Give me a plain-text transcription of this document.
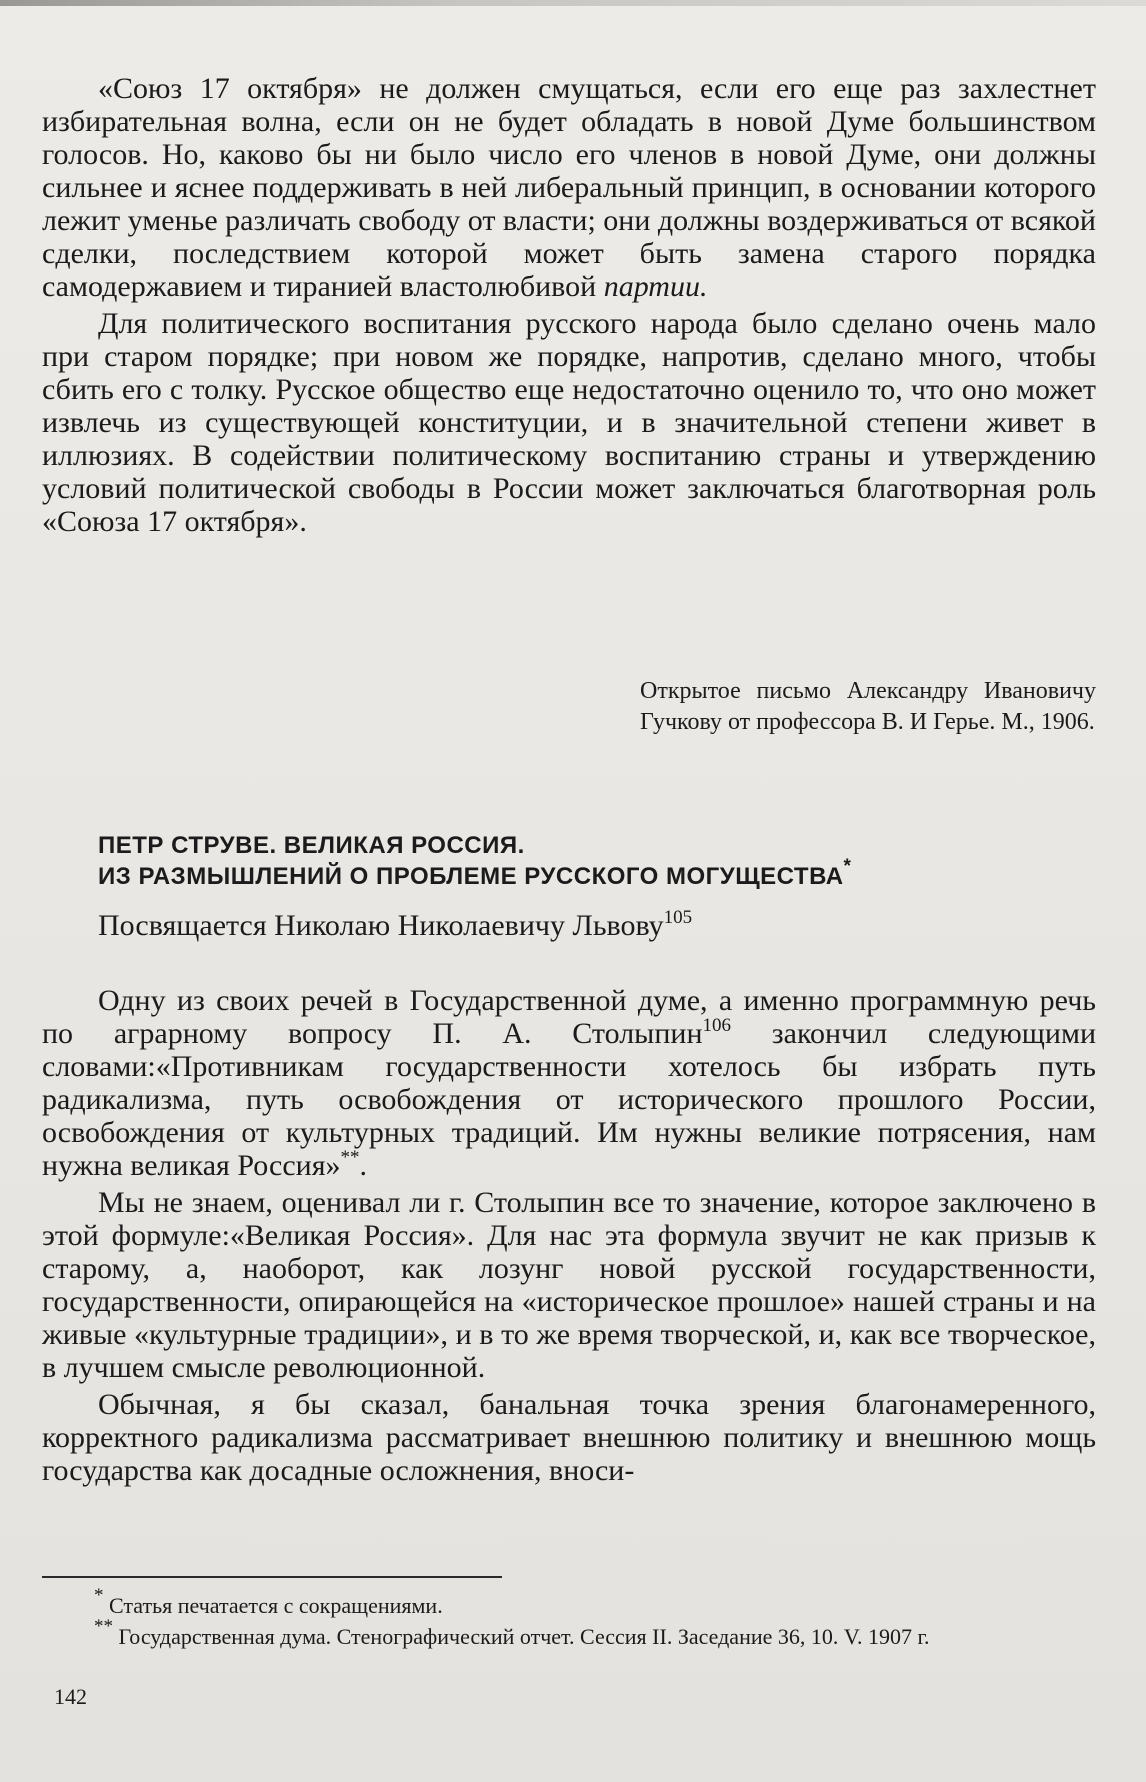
«Союз 17 октября» не должен смущаться, если его еще раз захлестнет избирательная волна, если он не будет обладать в новой Думе большинством голосов. Но, каково бы ни было число его членов в новой Думе, они должны сильнее и яснее поддерживать в ней либеральный принцип, в основании которого лежит уменье различать свободу от власти; они должны воздерживаться от всякой сделки, последствием которой может быть замена старого порядка самодержавием и тиранией властолюбивой партии.

Для политического воспитания русского народа было сделано очень мало при старом порядке; при новом же порядке, напротив, сделано много, чтобы сбить его с толку. Русское общество еще недостаточно оценило то, что оно может извлечь из существующей конституции, и в значительной степени живет в иллюзиях. В содействии политическому воспитанию страны и утверждению условий политической свободы в России может заключаться благотворная роль «Союза 17 октября».

Открытое письмо Александру Ивановичу Гучкову от профессора В. И Герье. М., 1906.

ПЕТР СТРУВЕ. ВЕЛИКАЯ РОССИЯ.
ИЗ РАЗМЫШЛЕНИЙ О ПРОБЛЕМЕ РУССКОГО МОГУЩЕСТВА*

Посвящается Николаю Николаевичу Львову$^{105}$

Одну из своих речей в Государственной думе, а именно программную речь по аграрному вопросу П. А. Столыпин$^{106}$ закончил следующими словами:«Противникам государственности хотелось бы избрать путь радикализма, путь освобождения от исторического прошлого России, освобождения от культурных традиций. Им нужны великие потрясения, нам нужна великая Россия»**.

Мы не знаем, оценивал ли г. Столыпин все то значение, которое заключено в этой формуле:«Великая Россия». Для нас эта формула звучит не как призыв к старому, а, наоборот, как лозунг новой русской государственности, государственности, опирающейся на «историческое прошлое» нашей страны и на живые «культурные традиции», и в то же время творческой, и, как все творческое, в лучшем смысле революционной.

Обычная, я бы сказал, банальная точка зрения благонамеренного, корректного радикализма рассматривает внешнюю политику и внешнюю мощь государства как досадные осложнения, вноси-

* Статья печатается с сокращениями.

** Государственная дума. Стенографический отчет. Сессия II. Заседание 36, 10. V. 1907 г.

142
